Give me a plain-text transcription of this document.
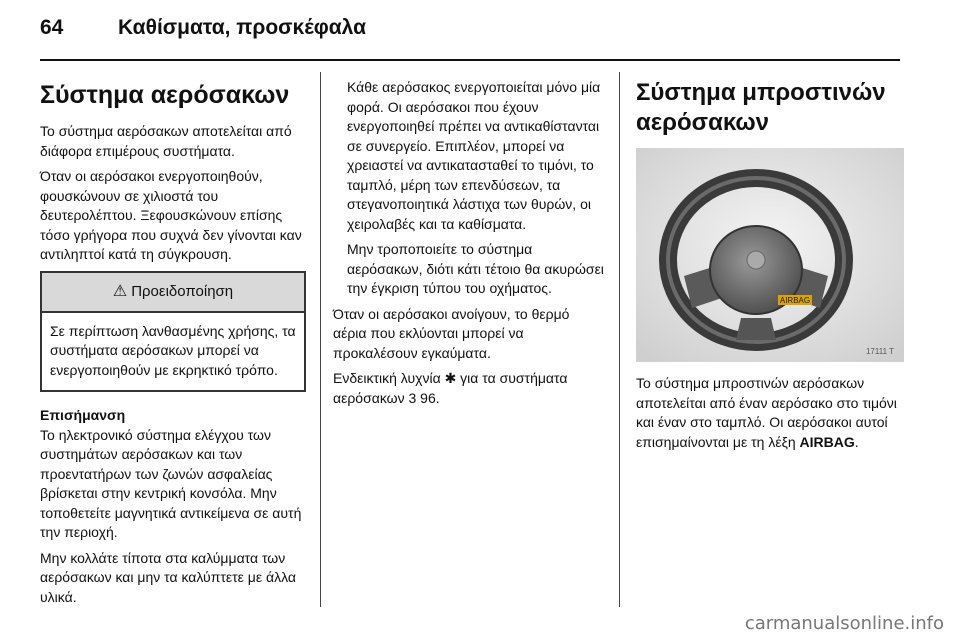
64	Καθίσματα, προσκέφαλα
Σύστημα αερόσακων

Το σύστημα αερόσακων αποτελείται από διάφορα επιμέρους συστήματα.

Όταν οι αερόσακοι ενεργοποιηθούν, φουσκώνουν σε χιλιοστά του δευτερολέπτου. Ξεφουσκώνουν επίσης τόσο γρήγορα που συχνά δεν γίνονται καν αντιληπτοί κατά τη σύγκρουση.

⚠ Προειδοποίηση
Σε περίπτωση λανθασμένης χρήσης, τα συστήματα αερόσακων μπορεί να ενεργοποιηθούν με εκρηκτικό τρόπο.
Επισήμανση

Το ηλεκτρονικό σύστημα ελέγχου των συστημάτων αερόσακων και των προεντατήρων των ζωνών ασφαλείας βρίσκεται στην κεντρική κονσόλα. Μην τοποθετείτε μαγνητικά αντικείμενα σε αυτή την περιοχή.

Μην κολλάτε τίποτα στα καλύμματα των αερόσακων και μην τα καλύπτετε με άλλα υλικά.

Κάθε αερόσακος ενεργοποιείται μόνο μία φορά. Οι αερόσακοι που έχουν ενεργοποιηθεί πρέπει να αντικαθίστανται σε συνεργείο. Επιπλέον, μπορεί να χρειαστεί να αντικατασταθεί το τιμόνι, το ταμπλό, μέρη των επενδύσεων, τα στεγανοποιητικά λάστιχα των θυρών, οι χειρολαβές και τα καθίσματα.

Μην τροποποιείτε το σύστημα αερόσακων, διότι κάτι τέτοιο θα ακυρώσει την έγκριση τύπου του οχήματος.

Όταν οι αερόσακοι ανοίγουν, το θερμό αέρια που εκλύονται μπορεί να προκαλέσουν εγκαύματα.

Ενδεικτική λυχνία ✱ για τα συστήματα αερόσακων 3 96.

Σύστημα μπροστινών αερόσακων
AIRBAG
17111 T

Το σύστημα μπροστινών αερόσακων αποτελείται από έναν αερόσακο στο τιμόνι και έναν στο ταμπλό. Οι αερόσακοι αυτοί επισημαίνονται με τη λέξη AIRBAG.

carmanualsonline.info
